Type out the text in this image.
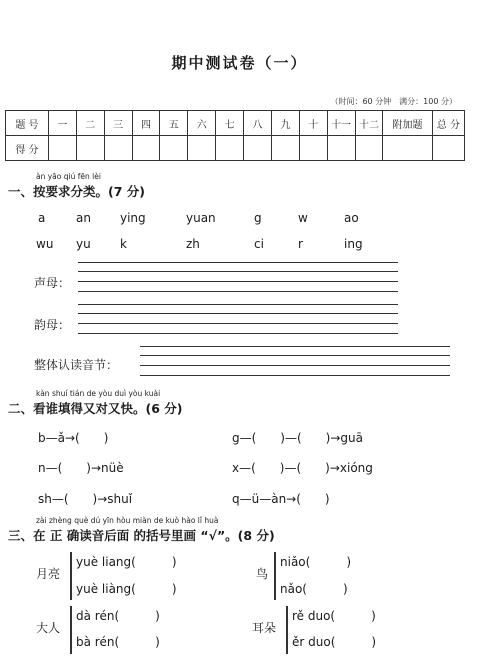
期中测试卷（一）
（时间：60 分钟　满分：100 分）
题 号	一	二	三	四	五	六	七	八	九	十	十一	十二	附加题	总 分
得 分														
àn yāo qiú fēn lèi
一、按要求分类。(7 分)
a	an ying	yuan	g	w	ao
wu yu k	zh	ci	r	ing
声母：
韵母：
整体认读音节：
kàn shuí tián de yòu duì yòu kuài
二、看谁填得又对又快。(6 分)
b—ǎ→(　　)	g—(　　)—(　　)→guā
n—(　　)→nüè	x—(　　)—(　　)→xióng
sh—(　　)→shuǐ	q—ü—àn→(　　)
zài zhèng què dú yīn hòu miàn de kuò hào lǐ huà
三、在 正 确读音后面 的括号里画 “√”。(8 分)
月亮
yuè liang(　　　)
yuè liàng(　　　)
鸟
niǎo(　　　)
nǎo(　　　)
大人
dà rén(　　　)
bà rén(　　　)
耳朵
rě duo(　　　)
ěr duo(　　　)
